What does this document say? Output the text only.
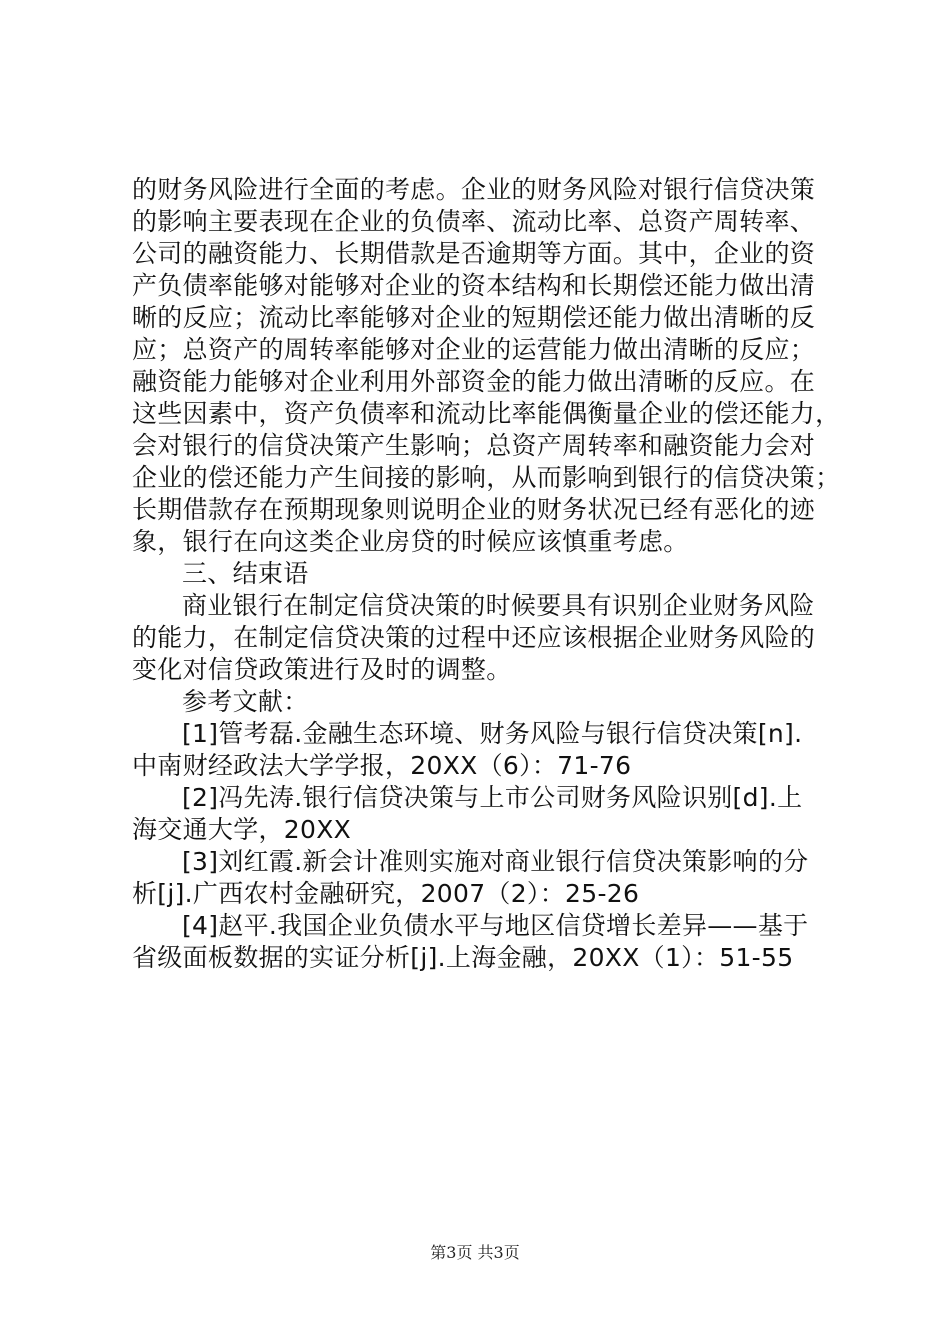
的财务风险进行全面的考虑。企业的财务风险对银行信贷决策
的影响主要表现在企业的负债率、流动比率、总资产周转率、
公司的融资能力、长期借款是否逾期等方面。其中，企业的资
产负债率能够对能够对企业的资本结构和长期偿还能力做出清
晰的反应；流动比率能够对企业的短期偿还能力做出清晰的反
应；总资产的周转率能够对企业的运营能力做出清晰的反应；
融资能力能够对企业利用外部资金的能力做出清晰的反应。在
这些因素中，资产负债率和流动比率能偶衡量企业的偿还能力，
会对银行的信贷决策产生影响；总资产周转率和融资能力会对
企业的偿还能力产生间接的影响，从而影响到银行的信贷决策；
长期借款存在预期现象则说明企业的财务状况已经有恶化的迹
象，银行在向这类企业房贷的时候应该慎重考虑。
三、结束语
商业银行在制定信贷决策的时候要具有识别企业财务风险
的能力，在制定信贷决策的过程中还应该根据企业财务风险的
变化对信贷政策进行及时的调整。
参考文献：
[1]管考磊.金融生态环境、财务风险与银行信贷决策[n].
中南财经政法大学学报，20XX（6）：71-76
[2]冯先涛.银行信贷决策与上市公司财务风险识别[d].上
海交通大学，20XX
[3]刘红霞.新会计准则实施对商业银行信贷决策影响的分
析[j].广西农村金融研究，2007（2）：25-26
[4]赵平.我国企业负债水平与地区信贷增长差异——基于
省级面板数据的实证分析[j].上海金融，20XX（1）：51-55
第3页 共3页
